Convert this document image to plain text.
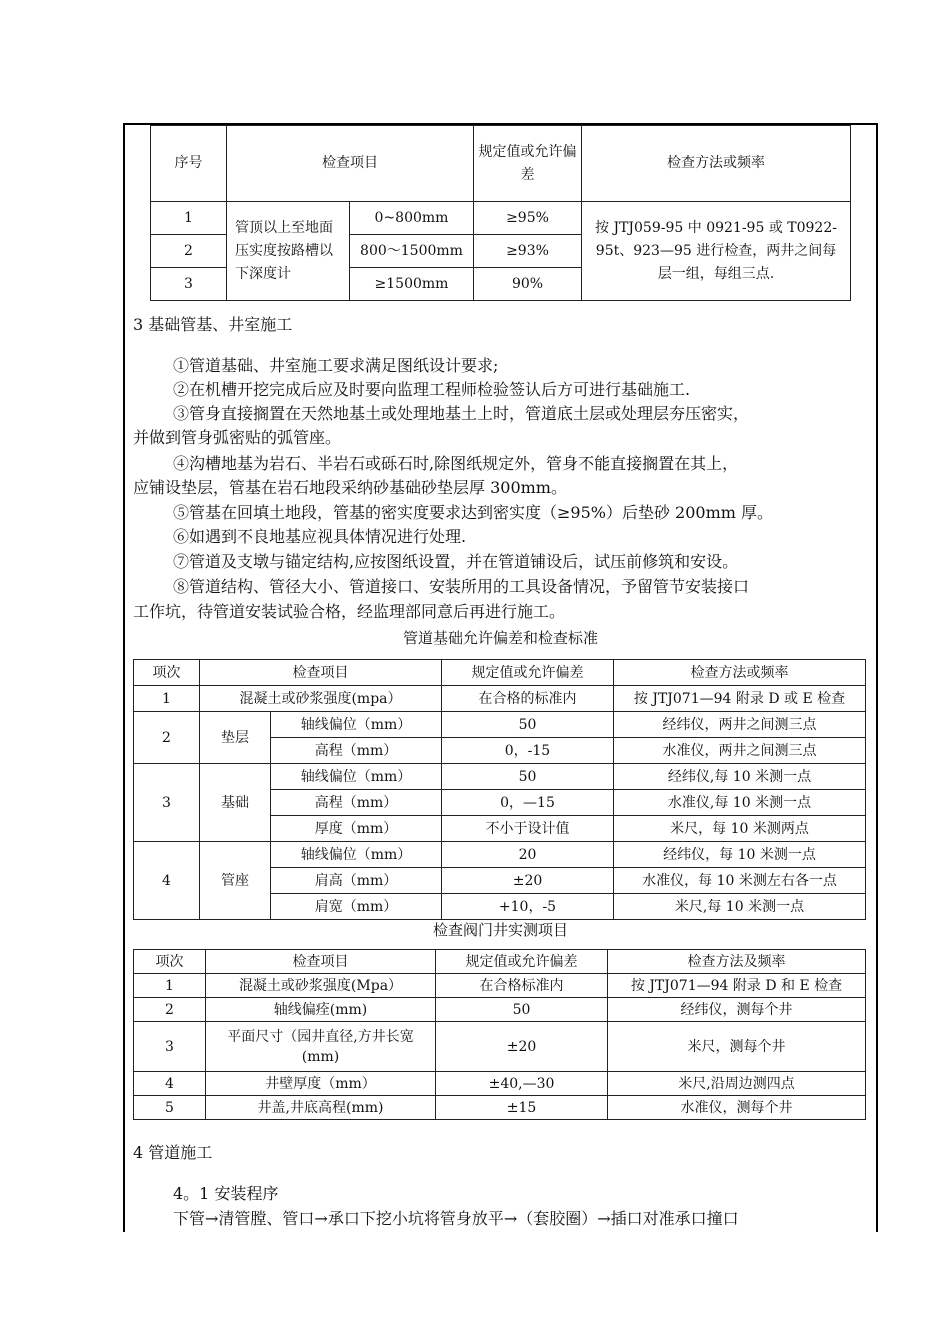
序号	检查项目		规定值或允许偏差	检查方法或频率
1	管顶以上至地面压实度按路槽以下深度计	0~800mm	≥95%	按 JTJ059-95 中 0921-95 或 T0922-95t、923—95 进行检查，两井之间每层一组，每组三点.
2		800～1500mm	≥93%	
3		≥1500mm	90%	
3 基础管基、井室施工
①管道基础、井室施工要求满足图纸设计要求;
②在机槽开挖完成后应及时要向监理工程师检验签认后方可进行基础施工.
③管身直接搁置在天然地基土或处理地基土上时，管道底土层或处理层夯压密实，
并做到管身弧密贴的弧管座。
④沟槽地基为岩石、半岩石或砾石时,除图纸规定外，管身不能直接搁置在其上，
应铺设垫层，管基在岩石地段采纳砂基础砂垫层厚 300mm。
⑤管基在回填土地段，管基的密实度要求达到密实度（≥95%）后垫砂 200mm 厚。
⑥如遇到不良地基应视具体情况进行处理.
⑦管道及支墩与锚定结构,应按图纸设置，并在管道铺设后，试压前修筑和安设。
⑧管道结构、管径大小、管道接口、安装所用的工具设备情况，予留管节安装接口
工作坑，待管道安装试验合格，经监理部同意后再进行施工。
管道基础允许偏差和检查标准
项次	检查项目		规定值或允许偏差	检查方法或频率
1	混凝土或砂浆强度(mpa）		在合格的标准内	按 JTJ071—94 附录 D 或 E 检查
2	垫层	轴线偏位（mm）	50	经纬仪，两井之间测三点
		高程（mm）	0，-15	水准仪，两井之间测三点
3	基础	轴线偏位（mm）	50	经纬仪,每 10 米测一点
		高程（mm）	0，—15	水准仪,每 10 米测一点
		厚度（mm）	不小于设计值	米尺，每 10 米测两点
4	管座	轴线偏位（mm）	20	经纬仪，每 10 米测一点
		肩高（mm）	±20	水准仪，每 10 米测左右各一点
		肩宽（mm）	+10，-5	米尺,每 10 米测一点
检查阀门井实测项目
项次	检查项目	规定值或允许偏差	检查方法及频率
1	混凝土或砂浆强度(Mpa）	在合格标准内	按 JTJ071—94 附录 D 和 E 检查
2	轴线偏痊(mm)	50	经纬仪，测每个井
3	平面尺寸（园井直径,方井长宽(mm)	±20	米尺，测每个井
4	井壁厚度（mm）	±40,—30	米尺,沿周边测四点
5	井盖,井底高程(mm)	±15	水准仪，测每个井
4 管道施工
4。1 安装程序
下管→清管膛、管口→承口下挖小坑将管身放平→（套胶圈）→插口对准承口撞口
